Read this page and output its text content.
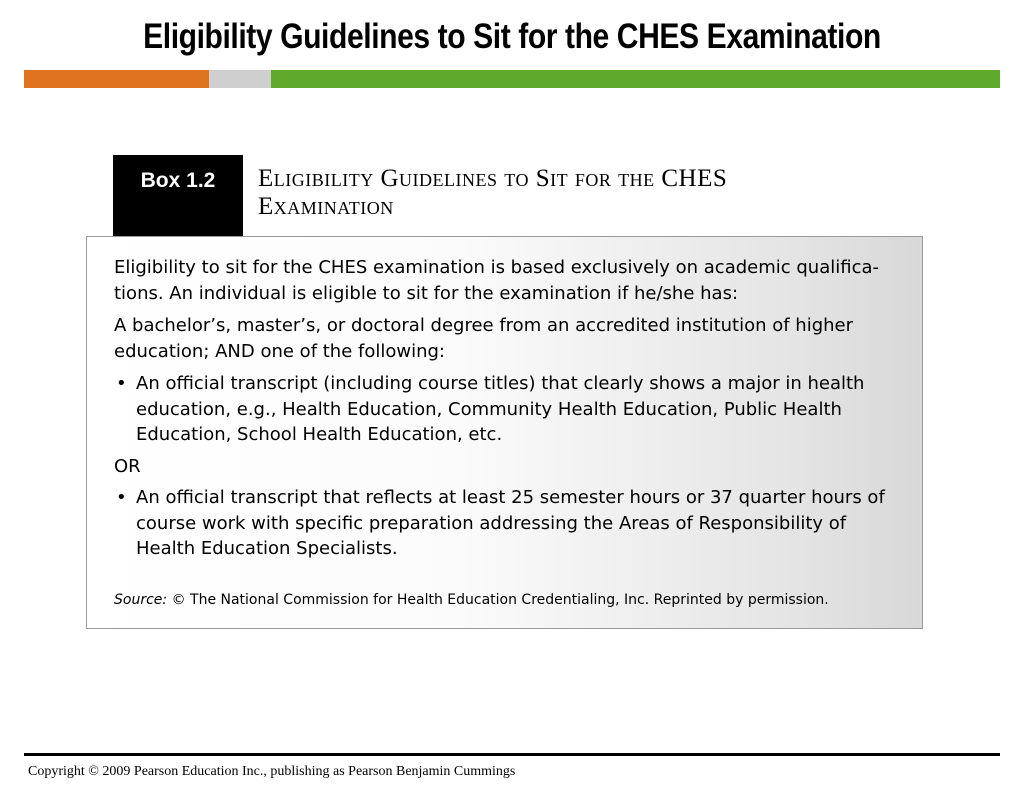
Eligibility Guidelines to Sit for the CHES Examination
Box 1.2	Eligibility Guidelines to Sit for the CHES
Examination

Eligibility to sit for the CHES examination is based exclusively on academic qualifica-tions. An individual is eligible to sit for the examination if he/she has:

A bachelor’s, master’s, or doctoral degree from an accredited institution of higher education; AND one of the following:

• An official transcript (including course titles) that clearly shows a major in health education, e.g., Health Education, Community Health Education, Public Health Education, School Health Education, etc.
OR
• An official transcript that reflects at least 25 semester hours or 37 quarter hours of course work with specific preparation addressing the Areas of Responsibility of Health Education Specialists.
Source: © The National Commission for Health Education Credentialing, Inc. Reprinted by permission.
Copyright © 2009 Pearson Education Inc., publishing as Pearson Benjamin Cummings
